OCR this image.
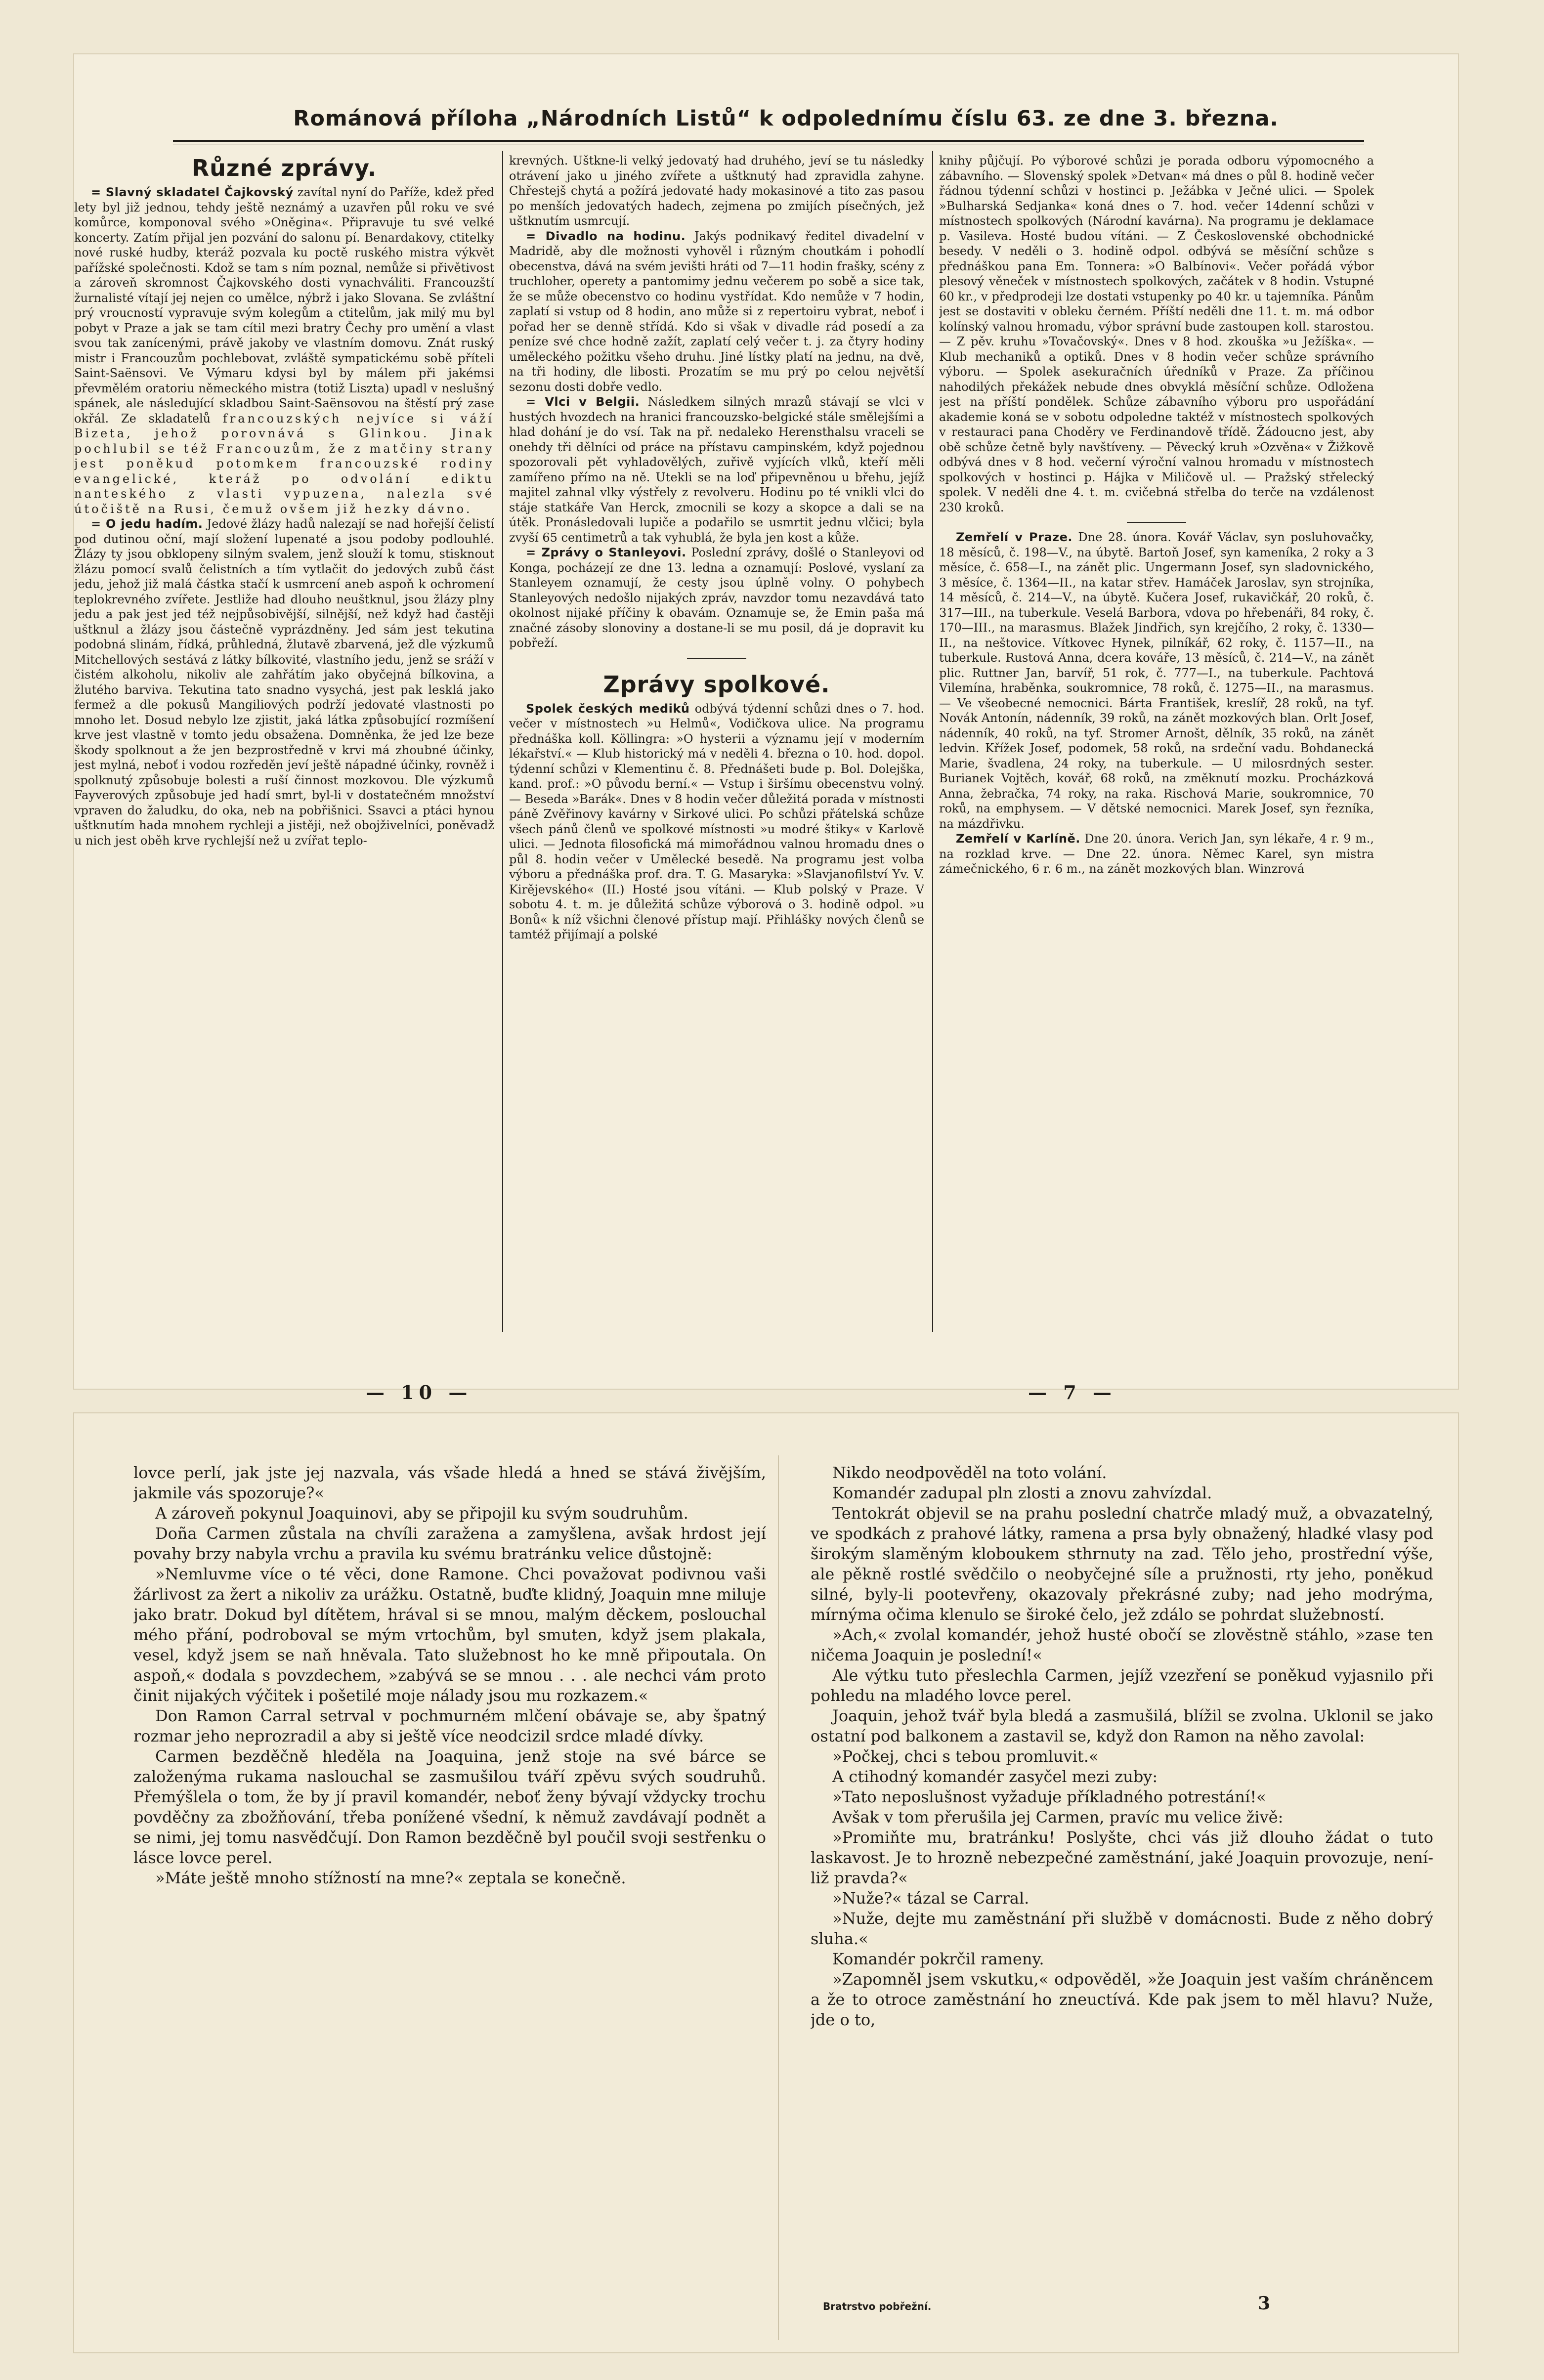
Románová příloha „Národních Listů“ k odpolednímu číslu 63. ze dne 3. března.
Různé zprávy.

= Slavný skladatel Čajkovský zavítal nyní do Paříže, kdež před lety byl již jednou, tehdy ještě neznámý a uzavřen půl roku ve své komůrce, komponoval svého »Oněgina«. Připravuje tu své velké koncerty. Zatím přijal jen pozvání do salonu pí. Benardakovy, ctitelky nové ruské hudby, kteráž pozvala ku poctě ruského mistra výkvět pařížské společnosti. Kdož se tam s ním poznal, nemůže si přivětivost a zároveň skromnost Čajkovského dosti vynachváliti. Francouzští žurnalisté vítají jej nejen co umělce, nýbrž i jako Slovana. Se zvláštní prý vroucností vypravuje svým kolegům a ctitelům, jak milý mu byl pobyt v Praze a jak se tam cítil mezi bratry Čechy pro umění a vlast svou tak zanícenými, právě jakoby ve vlastním domovu. Znát ruský mistr i Francouzům pochlebovat, zvláště sympatickému sobě příteli Saint-Saënsovi. Ve Výmaru kdysi byl by málem při jakémsi převmělém oratoriu německého mistra (totiž Liszta) upadl v neslušný spánek, ale následující skladbou Saint-Saënsovou na štěstí prý zase okřál. Ze skladatelů francouzských nejvíce si váží Bizeta, jehož porovnává s Glinkou. Jinak pochlubil se též Francouzům, že z matčiny strany jest poněkud potomkem francouzské rodiny evangelické, kteráž po odvolání ediktu nanteského z vlasti vypuzena, nalezla své útočiště na Rusi, čemuž ovšem již hezky dávno.

= O jedu hadím. Jedové žlázy hadů nalezají se nad hořejší čelistí pod dutinou oční, mají složení lupenaté a jsou podoby podlouhlé. Žlázy ty jsou obklopeny silným svalem, jenž slouží k tomu, stisknout žlázu pomocí svalů čelistních a tím vytlačit do jedových zubů část jedu, jehož již malá částka stačí k usmrcení aneb aspoň k ochromení teplokrevného zvířete. Jestliže had dlouho neuštknul, jsou žlázy plny jedu a pak jest jed též nejpůsobivější, silnější, než když had častěji uštknul a žlázy jsou částečně vyprázdněny. Jed sám jest tekutina podobná slinám, řídká, průhledná, žlutavě zbarvená, jež dle výzkumů Mitchellových sestává z látky bílkovité, vlastního jedu, jenž se sráží v čistém alkoholu, nikoliv ale zahřátím jako obyčejná bílkovina, a žlutého barviva. Tekutina tato snadno vysychá, jest pak lesklá jako fermež a dle pokusů Mangiliových podrží jedovaté vlastnosti po mnoho let. Dosud nebylo lze zjistit, jaká látka způsobující rozmíšení krve jest vlastně v tomto jedu obsažena. Domněnka, že jed lze beze škody spolknout a že jen bezprostředně v krvi má zhoubné účinky, jest mylná, neboť i vodou rozředěn jeví ještě nápadné účinky, rovněž i spolknutý způsobuje bolesti a ruší činnost mozkovou. Dle výzkumů Fayverových způsobuje jed hadí smrt, byl-li v dostatečném množství vpraven do žaludku, do oka, neb na pobřišnici. Ssavci a ptáci hynou uštknutím hada mnohem rychleji a jistěji, než obojživelníci, poněvadž u nich jest oběh krve rychlejší než u zvířat teplo-

krevných. Uštkne-li velký jedovatý had druhého, jeví se tu následky otrávení jako u jiného zvířete a uštknutý had zpravidla zahyne. Chřestejš chytá a požírá jedovaté hady mokasinové a tito zas pasou po menších jedovatých hadech, zejmena po zmijích písečných, jež uštknutím usmrcují.

= Divadlo na hodinu. Jakýs podnikavý ředitel divadelní v Madridě, aby dle možnosti vyhověl i různým choutkám i pohodlí obecenstva, dává na svém jevišti hráti od 7—11 hodin frašky, scény z truchloher, operety a pantomimy jednu večerem po sobě a sice tak, že se může obecenstvo co hodinu vystřídat. Kdo nemůže v 7 hodin, zaplatí si vstup od 8 hodin, ano může si z repertoiru vybrat, neboť i pořad her se denně střídá. Kdo si však v divadle rád posedí a za peníze své chce hodně zažít, zaplatí celý večer t. j. za čtyry hodiny uměleckého požitku všeho druhu. Jiné lístky platí na jednu, na dvě, na tři hodiny, dle libosti. Prozatím se mu prý po celou největší sezonu dosti dobře vedlo.

= Vlci v Belgii. Následkem silných mrazů stávají se vlci v hustých hvozdech na hranici francouzsko-belgické stále smělejšími a hlad dohání je do vsí. Tak na př. nedaleko Herensthalsu vraceli se onehdy tři dělníci od práce na přístavu campinském, když pojednou spozorovali pět vyhladovělých, zuřivě vyjících vlků, kteří měli zamířeno přímo na ně. Utekli se na loď připevněnou u břehu, jejíž majitel zahnal vlky výstřely z revolveru. Hodinu po té vnikli vlci do stáje statkáře Van Herck, zmocnili se kozy a skopce a dali se na útěk. Pronásledovali lupiče a podařilo se usmrtit jednu vlčici; byla zvyší 65 centimetrů a tak vyhublá, že byla jen kost a kůže.

= Zprávy o Stanleyovi. Poslední zprávy, došlé o Stanleyovi od Konga, pocházejí ze dne 13. ledna a oznamují: Poslové, vyslaní za Stanleyem oznamují, že cesty jsou úplně volny. O pohybech Stanleyových nedošlo nijakých zpráv, navzdor tomu nezavdává tato okolnost nijaké příčiny k obavám. Oznamuje se, že Emin paša má značné zásoby slonoviny a dostane-li se mu posil, dá je dopravit ku pobřeží.

Zprávy spolkové.

Spolek českých mediků odbývá týdenní schůzi dnes o 7. hod. večer v místnostech »u Helmů«, Vodičkova ulice. Na programu přednáška koll. Köllingra: »O hysterii a významu její v moderním lékařství.« — Klub historický má v neděli 4. března o 10. hod. dopol. týdenní schůzi v Klementinu č. 8. Přednášeti bude p. Bol. Dolejška, kand. prof.: »O původu berní.« — Vstup i širšímu obecenstvu volný. — Beseda »Barák«. Dnes v 8 hodin večer důležitá porada v místnosti páně Zvěřinovy kavárny v Sirkové ulici. Po schůzi přátelská schůze všech pánů členů ve spolkové místnosti »u modré štiky« v Karlově ulici. — Jednota filosofická má mimořádnou valnou hromadu dnes o půl 8. hodin večer v Umělecké besedě. Na programu jest volba výboru a přednáška prof. dra. T. G. Masaryka: »Slavjanofilství Yv. V. Kirějevského« (II.) Hosté jsou vítáni. — Klub polský v Praze. V sobotu 4. t. m. je důležitá schůze výborová o 3. hodině odpol. »u Bonů« k níž všichni členové přístup mají. Přihlášky nových členů se tamtéž přijímají a polské

knihy půjčují. Po výborové schůzi je porada odboru výpomocného a zábavního. — Slovenský spolek »Detvan« má dnes o půl 8. hodině večer řádnou týdenní schůzi v hostinci p. Ježábka v Ječné ulici. — Spolek »Bulharská Sedjanka« koná dnes o 7. hod. večer 14denní schůzi v místnostech spolkových (Národní kavárna). Na programu je deklamace p. Vasileva. Hosté budou vítáni. — Z Československé obchodnické besedy. V neděli o 3. hodině odpol. odbývá se měsíční schůze s přednáškou pana Em. Tonnera: »O Balbínovi«. Večer pořádá výbor plesový věneček v místnostech spolkových, začátek v 8 hodin. Vstupné 60 kr., v předprodeji lze dostati vstupenky po 40 kr. u tajemníka. Pánům jest se dostaviti v obleku černém. Příští neděli dne 11. t. m. má odbor kolínský valnou hromadu, výbor správní bude zastoupen koll. starostou. — Z pěv. kruhu »Tovačovský«. Dnes v 8 hod. zkouška »u Ježíška«. — Klub mechaniků a optiků. Dnes v 8 hodin večer schůze správního výboru. — Spolek asekuračních úředníků v Praze. Za příčinou nahodilých překážek nebude dnes obvyklá měsíční schůze. Odložena jest na příští pondělek. Schůze zábavního výboru pro uspořádání akademie koná se v sobotu odpoledne taktéž v místnostech spolkových v restauraci pana Choděry ve Ferdinandově třídě. Žádoucno jest, aby obě schůze četně byly navštíveny. — Pěvecký kruh »Ozvěna« v Žižkově odbývá dnes v 8 hod. večerní výroční valnou hromadu v místnostech spolkových v hostinci p. Hájka v Miličově ul. — Pražský střelecký spolek. V neděli dne 4. t. m. cvičebná střelba do terče na vzdálenost 230 kroků.

Zemřelí v Praze. Dne 28. února. Kovář Václav, syn posluhovačky, 18 měsíců, č. 198—V., na úbytě. Bartoň Josef, syn kameníka, 2 roky a 3 měsíce, č. 658—I., na zánět plic. Ungermann Josef, syn sladovnického, 3 měsíce, č. 1364—II., na katar střev. Hamáček Jaroslav, syn strojníka, 14 měsíců, č. 214—V., na úbytě. Kučera Josef, rukavičkář, 20 roků, č. 317—III., na tuberkule. Veselá Barbora, vdova po hřebenáři, 84 roky, č. 170—III., na marasmus. Blažek Jindřich, syn krejčího, 2 roky, č. 1330—II., na neštovice. Vítkovec Hynek, pilníkář, 62 roky, č. 1157—II., na tuberkule. Rustová Anna, dcera kováře, 13 měsíců, č. 214—V., na zánět plic. Ruttner Jan, barvíř, 51 rok, č. 777—I., na tuberkule. Pachtová Vilemína, hraběnka, soukromnice, 78 roků, č. 1275—II., na marasmus. — Ve všeobecné nemocnici. Bárta František, kreslíř, 28 roků, na tyf. Novák Antonín, nádenník, 39 roků, na zánět mozkových blan. Orlt Josef, nádenník, 40 roků, na tyf. Stromer Arnošt, dělník, 35 roků, na zánět ledvin. Křížek Josef, podomek, 58 roků, na srdeční vadu. Bohdanecká Marie, švadlena, 24 roky, na tuberkule. — U milosrdných sester. Burianek Vojtěch, kovář, 68 roků, na změknutí mozku. Procházková Anna, žebračka, 74 roky, na raka. Rischová Marie, soukromnice, 70 roků, na emphysem. — V dětské nemocnici. Marek Josef, syn řezníka, na mázdřivku.

Zemřelí v Karlíně. Dne 20. února. Verich Jan, syn lékaře, 4 r. 9 m., na rozklad krve. — Dne 22. února. Němec Karel, syn mistra zámečnického, 6 r. 6 m., na zánět mozkových blan. Winzrová

— 10 —	— 7 —

lovce perlí, jak jste jej nazvala, vás všade hledá a hned se stává živějším, jakmile vás spozoruje?«

A zároveň pokynul Joaquinovi, aby se připojil ku svým soudruhům.

Doña Carmen zůstala na chvíli zaražena a zamyšlena, avšak hrdost její povahy brzy nabyla vrchu a pravila ku svému bratránku velice důstojně:

»Nemluvme více o té věci, done Ramone. Chci považovat podivnou vaši žárlivost za žert a nikoliv za urážku. Ostatně, buďte klidný, Joaquin mne miluje jako bratr. Dokud byl dítětem, hrával si se mnou, malým děckem, poslouchal mého přání, podroboval se mým vrtochům, byl smuten, když jsem plakala, vesel, když jsem se naň hněvala. Tato služebnost ho ke mně připoutala. On aspoň,« dodala s povzdechem, »zabývá se se mnou . . . ale nechci vám proto činit nijakých výčitek i pošetilé moje nálady jsou mu rozkazem.«

Don Ramon Carral setrval v pochmurném mlčení obávaje se, aby špatný rozmar jeho neprozradil a aby si ještě více neodcizil srdce mladé dívky.

Carmen bezděčně hleděla na Joaquina, jenž stoje na své bárce se založenýma rukama naslouchal se zasmušilou tváří zpěvu svých soudruhů. Přemýšlela o tom, že by jí pravil komandér, neboť ženy bývají vždycky trochu povděčny za zbožňování, třeba ponížené všední, k němuž zavdávají podnět a se nimi, jej tomu nasvědčují. Don Ramon bezděčně byl poučil svoji sestřenku o lásce lovce perel.

»Máte ještě mnoho stížností na mne?« zeptala se konečně.

Nikdo neodpověděl na toto volání.

Komandér zadupal pln zlosti a znovu zahvízdal.

Tentokrát objevil se na prahu poslední chatrče mladý muž, a obvazatelný, ve spodkách z prahové látky, ramena a prsa byly obnažený, hladké vlasy pod širokým slaměným kloboukem sthrnuty na zad. Tělo jeho, prostřední výše, ale pěkně rostlé svědčilo o neobyčejné síle a pružnosti, rty jeho, poněkud silné, byly-li pootevřeny, okazovaly překrásné zuby; nad jeho modrýma, mírnýma očima klenulo se široké čelo, jež zdálo se pohrdat služebností.

»Ach,« zvolal komandér, jehož husté obočí se zlověstně stáhlo, »zase ten ničema Joaquin je poslední!«

Ale výtku tuto přeslechla Carmen, jejíž vzezření se poněkud vyjasnilo při pohledu na mladého lovce perel.

Joaquin, jehož tvář byla bledá a zasmušilá, blížil se zvolna. Uklonil se jako ostatní pod balkonem a zastavil se, když don Ramon na něho zavolal:

»Počkej, chci s tebou promluvit.«

A ctihodný komandér zasyčel mezi zuby:

»Tato neposlušnost vyžaduje příkladného potrestání!«

Avšak v tom přerušila jej Carmen, pravíc mu velice živě:

»Promiňte mu, bratránku! Poslyšte, chci vás již dlouho žádat o tuto laskavost. Je to hrozně nebezpečné zaměstnání, jaké Joaquin provozuje, není-liž pravda?«

»Nuže?« tázal se Carral.

»Nuže, dejte mu zaměstnání při službě v domácnosti. Bude z něho dobrý sluha.«

Komandér pokrčil rameny.

»Zapomněl jsem vskutku,« odpověděl, »že Joaquin jest vaším chráněncem a že to otroce zaměstnání ho zneuctívá. Kde pak jsem to měl hlavu? Nuže, jde o to,

Bratrstvo pobřežní.	3
